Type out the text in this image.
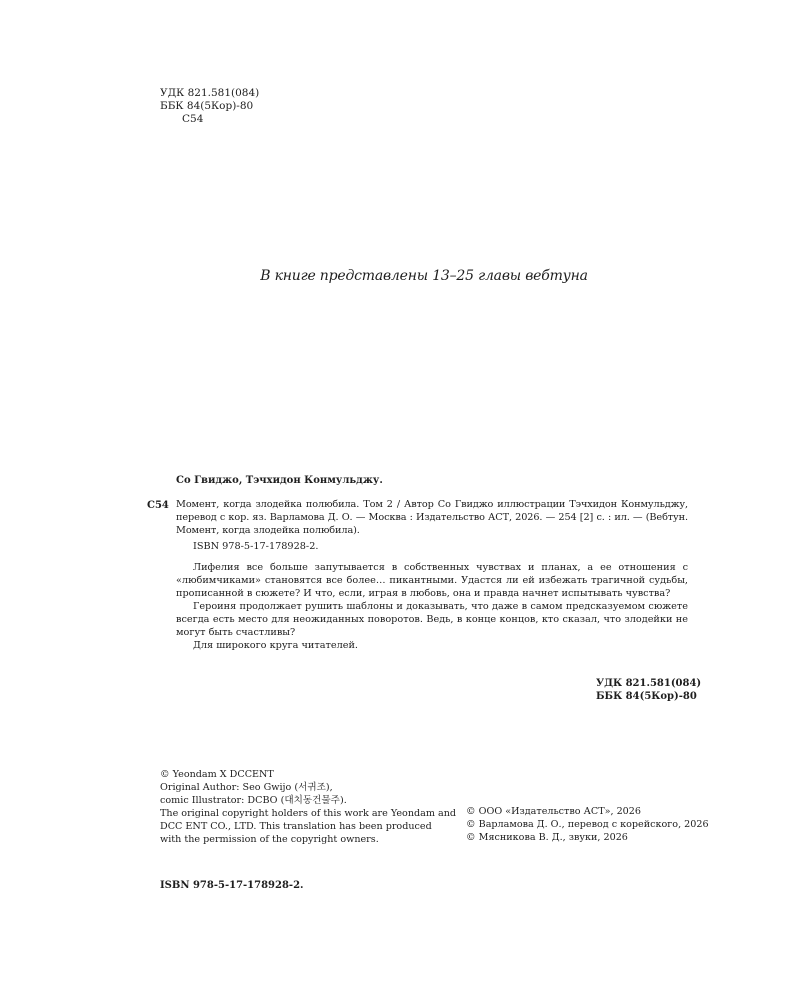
УДК 821.581(084)
ББК 84(5Кор)-80
С54
В книге представлены 13–25 главы вебтуна
Со Гвиджо, Тэчхидон Конмульджу.
С54 Момент, когда злодейка полюбила. Том 2 / Автор Со Гвиджо иллюстрации Тэчхидон Конмульджу, перевод с кор. яз. Варламова Д. О. — Москва : Издательство АСТ, 2026. — 254 [2] с. : ил. — (Вебтун. Момент, когда злодейка полюбила).

ISBN 978-5-17-178928-2.

Лифелия все больше запутывается в собственных чувствах и планах, а ее отношения с «любимчиками» становятся все более… пикантными. Удастся ли ей избежать трагичной судьбы, прописанной в сюжете? И что, если, играя в любовь, она и правда начнет испытывать чувства?

Героиня продолжает рушить шаблоны и доказывать, что даже в самом предсказуемом сюжете всегда есть место для неожиданных поворотов. Ведь, в конце концов, кто сказал, что злодейки не могут быть счастливы?

Для широкого круга читателей.

УДК 821.581(084)
ББК 84(5Кор)-80
© Yeondam X DCCENT
Original Author: Seo Gwijo (서귀조),
comic Illustrator: DCBO (대치동건물주).
The original copyright holders of this work are Yeondam and
DCC ENT CO., LTD. This translation has been produced
with the permission of the copyright owners.
© ООО «Издательство АСТ», 2026
© Варламова Д. О., перевод с корейского, 2026
© Мясникова В. Д., звуки, 2026
ISBN 978-5-17-178928-2.
